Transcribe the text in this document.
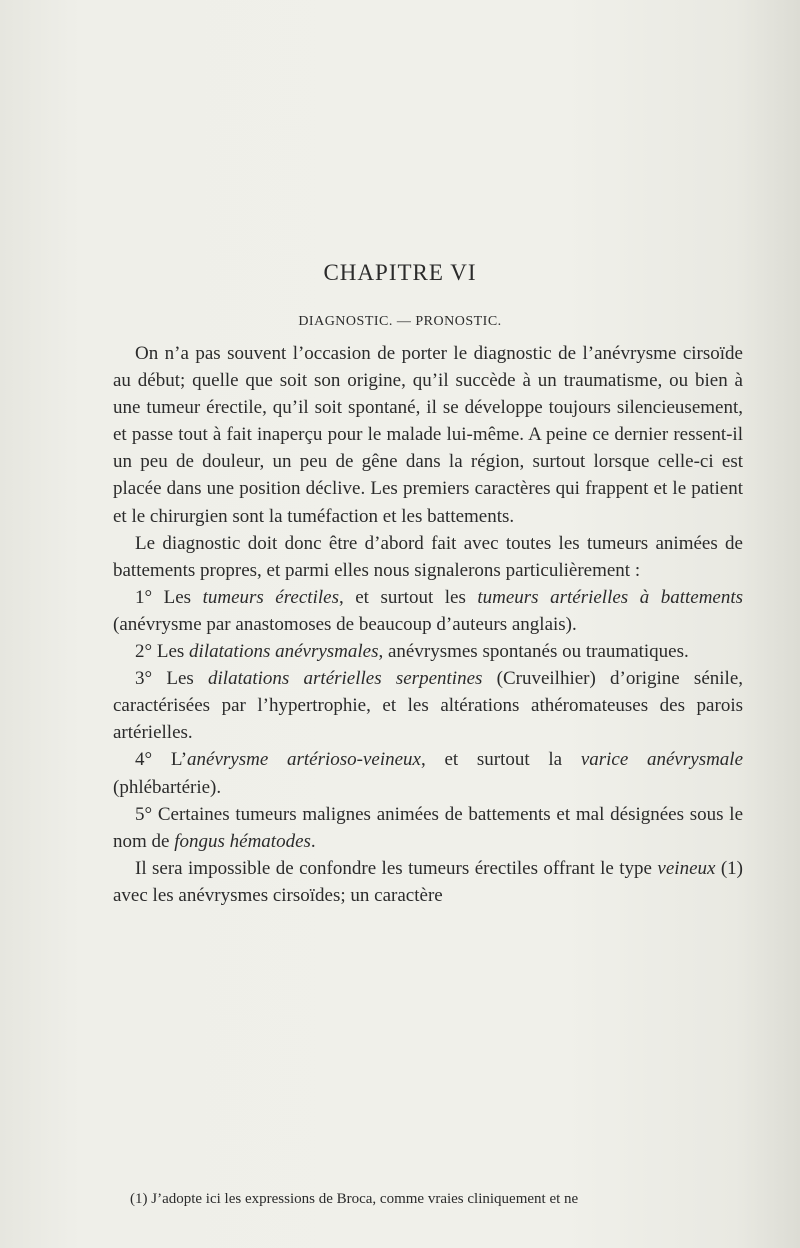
CHAPITRE VI
DIAGNOSTIC. — PRONOSTIC.

On n’a pas souvent l’occasion de porter le diagnostic de l’anévrysme cirsoïde au début; quelle que soit son origine, qu’il succède à un traumatisme, ou bien à une tumeur érectile, qu’il soit spontané, il se développe toujours silencieusement, et passe tout à fait inaperçu pour le malade lui-même. A peine ce dernier ressent-il un peu de douleur, un peu de gêne dans la région, surtout lorsque celle-ci est placée dans une position déclive. Les premiers caractères qui frappent et le patient et le chirurgien sont la tuméfaction et les battements.

Le diagnostic doit donc être d’abord fait avec toutes les tumeurs animées de battements propres, et parmi elles nous signalerons particulièrement :

1° Les tumeurs érectiles, et surtout les tumeurs artérielles à battements (anévrysme par anastomoses de beaucoup d’auteurs anglais).

2° Les dilatations anévrysmales, anévrysmes spontanés ou traumatiques.

3° Les dilatations artérielles serpentines (Cruveilhier) d’origine sénile, caractérisées par l’hypertrophie, et les altérations athéromateuses des parois artérielles.

4° L’anévrysme artérioso-veineux, et surtout la varice anévrysmale (phlébartérie).

5° Certaines tumeurs malignes animées de battements et mal désignées sous le nom de fongus hématodes.

Il sera impossible de confondre les tumeurs érectiles offrant le type veineux (1) avec les anévrysmes cirsoïdes; un caractère

(1) J’adopte ici les expressions de Broca, comme vraies cliniquement et ne
